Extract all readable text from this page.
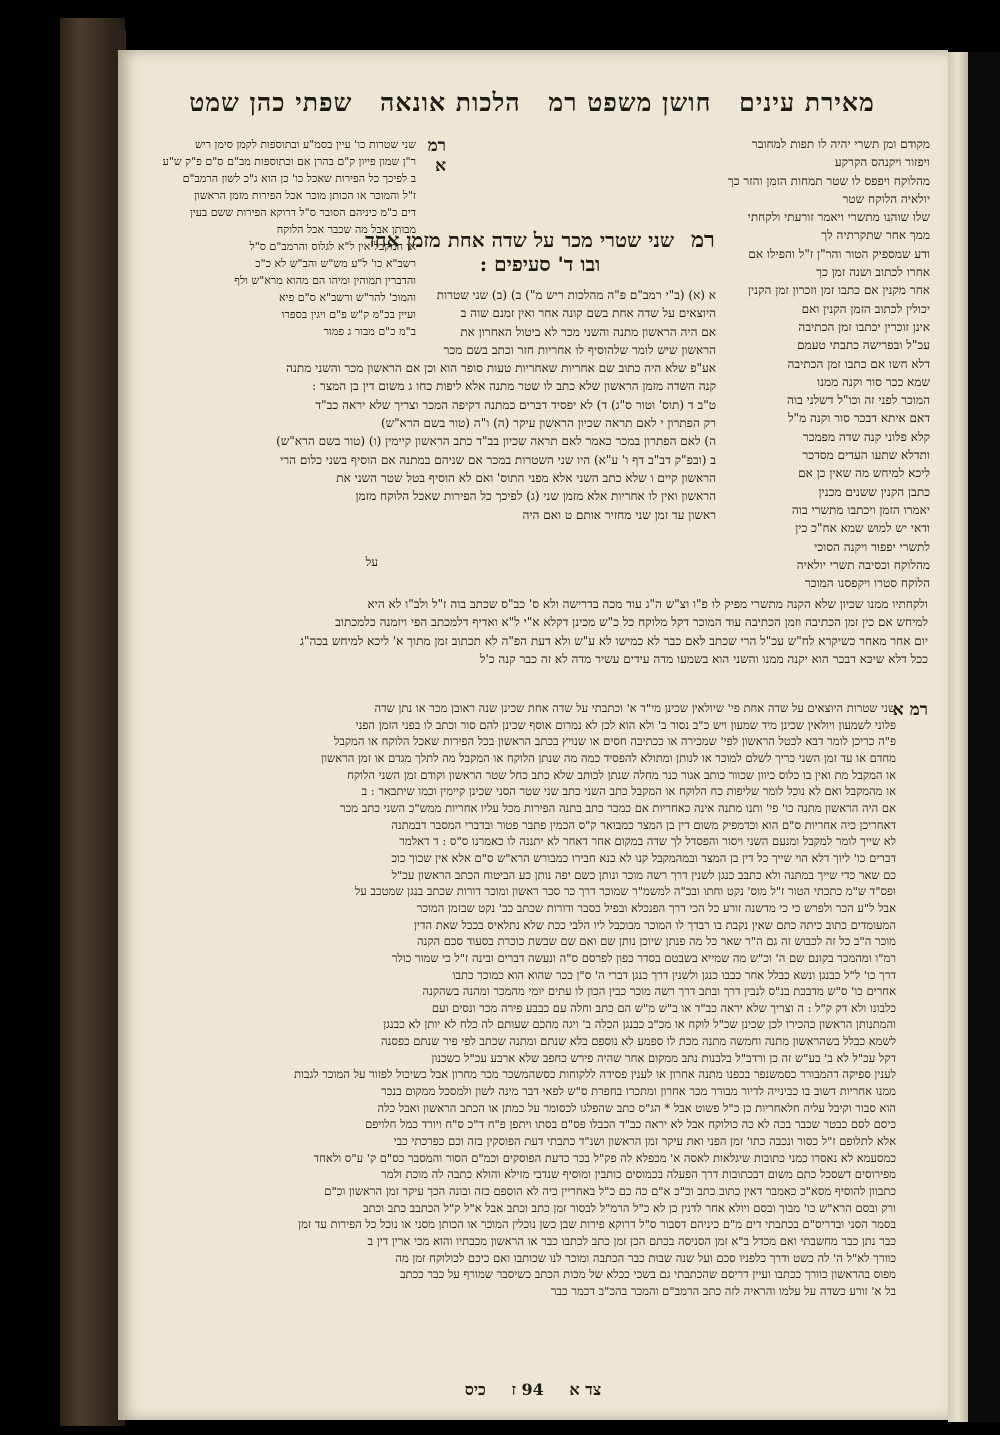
מאירת עינים חושן משפט רמ הלכות אונאה שפתי כהן שמט

מקודם ומן תשרי יהיה לו תפות למחובר ויפזור ויקנהס הקרקע

מהלוקח ויפפס לו שטר תמחות הזמן והזר כך יולאיה הלוקח שטר

שלו שוהנו מתשרי ויאמר זורעתי ולקחתי ממך אחר שתקרתיה לך

ודע שמספיק הטור והר"ן ז"ל והפילו אם אחרו לכתוב ושנה זמן כך

אחר מקנין אם כתבו זמן וזכרון זמן הקנין

יכולין לכתוב הזמן הקנין ואם

אינן זוכרין יכתבו זמן הכתיבה

עכ"ל ובפרישה כתבתי טעמם

דלא חשו אם כתבו זמן הכתיבה

שמא ככר סור וקנה ממנו

המוכר לפני זה וכו"ל דשלני בוה

דאם איתא דבכר סור וקנה מ"ל

קלא פלוני קנה שדה מפמכר

ותדלא שתעו העדים מסדכר

ליכא למיחש מה שאין כן אם

כתבן הקנין ששנים מכנין

יאמרו הזמן ויכתבו מתשרי בוה

ודאי יש למוש שמא אח"כ כין

לתשרי יפפור ויקנה הסוכי

מהלוקח וכסיבה תשרי יולאיה

הלוקח סטרו ויקפסנו המוכר

רמ שני שטרי מכר על שדה אחת מזמן אחד ובו ד' סעיפים :

א (א) (ב"י רמב"ם פ"ה מהלכות ריש מ") ב) (ב) שני שטרות

היוצאים על שדה אחת בשם קונה אחר ואין זמנם שוה ב

אם היה הראשון מתנה והשני מכר לא ביטול האחרון את

הראשון שיש לומר שלהוסיף לו אחריות חזר וכתב בשם מכר

אע"פ שלא היה כתוב שם אחריות שאחריות טעות סופר הוא וכן אם הראשון מכר והשני מתנה

קנה השדה מזמן הראשון שלא כתב לו שטר מתנה אלא ליפות כחו ג משום דין בן המצר :

ט"ב ד (תוס' וטור ס"ג) ד) לא יפסיד דברים כמתנה דקיפה המכר וצריך שלא יראה כב"ד

רק הפתרון י לאם תראה שכיון הראשון עיקר (ה) ו"ה (טור בשם הרא"ש)

ה) לאם הפתרון במכר כאמר לאם תראה שכיון בב"ד כתב הראשון קיימין (ו) (טור בשם הרא"ש)

ב (ובפ"ק דב"ב דף ו' ע"א) היו שני השטרות במכר אם שניהם במתנה אם הוסיף בשני כלום הרי

הראשון קיים ו שלא כתב השני אלא מפני התוס' ואם לא הוסיף בטל שטר השני את

הראשון ואין לו אחריות אלא מזמן שני (ג) לפיכך כל הפירות שאכל הלוקח מזמן

ראשון עד זמן שני מחזיר אותם ט ואם היה

רמ א

שני שטרות כו' עיין בסמ"ע ובתוספות לקמן סימן ריש

ר"ן שמון פייון ק"ם בהרן אם וכתוספות מב"ם ס"ם פ"ק ש"ע

ב לפיכך כל הפירות שאכל כו' כן הוא ג"כ לשון הרמב"ם

ז"ל והמוכר או הכותן מוכר אכל הפירות מזמן הראשון

דים כ"מ כיניהם הסובר ס"ל דרוקא הפירות ששם בעין

מבותן אבל מה שכבר אכל הלוקח

או המקבל אין ל"א לגלוס והרמב"ם ס"ל

רשב"א כו' ל"ע מש"ש והב"ש לא כ"כ

והדברין תמוהין ומיהו הם מהוא מרא"ש ולף

והמוכ' להר"ש ורשב"א ס"ם פיא

ועיין בכ"מ ק"ש פ"ם ויגין בספרו

ב"מ כ"ם מבור ג פמור

על

ולקחתיו ממנו שכיון שלא הקנה מתשרי מפיק לו פ"ו וצ"ש ה"ג עוד מכה בדרישה ולא ס' כב"ס שכתב בוה ז"ל ולב"ו לא היא

למיחש אם כין זמן הכתיבה וזמן הכתיבה עוד המוכר דקל מלוקח כל כ"ש מכינן דקלא א"י ל"א ואדיף דלמכתב הפי ויזמנה כלמכתוב

יום אחר מאחר כשיקרא לח"ש עכ"ל הרי שכתב לאם כבר לא כמישו לא ע"ש ולא דעת הפ"ה לא תכתוב זמן מתוך א' ליכא למיחש בכה"ג

ככל דלא שיכא דבכר הוא יקנה ממנו והשני הוא בשמעו מדה עידים עשיר מדה לא זה כבר קנה כ'ל

רמ א

שני שטרות היוצאים על שדה אחת פי' שיולאין שכינן מי"ד א' וכתבתי על שדה אחת שכינן שנה ראובן מכר או נתן שדה

פלוני לשמעון ויולאין שכינן מיד שמעון ויש כ"ב נסור ב' ולא הוא לכן לא נמרום אוסף שכינן להם סור וכתב לו בפני הזמן הפני

פ"ה כריכן לומר דבא לכטל הראשון לפי' שמכירה או ככתיבה חסים או שנויץ בכתב הראשון בכל הפירות שאכל הלוקח או המקבל

מחדם או עד זמן השני כריך לשלם למוכר או לנותן ומתולא להפסיד כמה מה שנתן הלוקח או המקבל מה לתלך מגדם או זמן הראשון

או המקבל מת ואין בו כלוס כיוון שכוור כותב אגור כנר מחלה שנתן לכותב שלא כתב כחל שטר הראשון וקודם זמן השני הלוקח

או מהמקבל ואם לא נוכל לומר שליפות כח הלוקח או המקבל כתב השני כתב שני שטר הסני שכינן קיימין וכמו שיתבאר : ב

אם היה הראשון מתנה כו' פי' ותנו מתנה אינה כאחריות אם כמכר כתב בתנה הפירות מכל עליו אחריות ממש"כ השני כתב מכר

דאחריכן כיה אחריות ס"ם הוא וכדמפיק משום דין בן המצר כמבואר ק"ס הכמין פתבר פטור ובדברי המסבר דבמתנה

לא שייך לומר למקבל ומנעם השני ויסור והפסדל לך שדה במקום אחר דאחר לא יתננה לו כאמרנו ס"ס : ד דאלמר

דברים כו' ליוך דלא הוי שייך כל דין בן המצר ובמהמקבל קנו לא כנא חבירו כמבורש הרא"ש ס"ם אלא אין שכוך כוכ

כם שאר כדי שייך במתנה ולא כתבב כנגן לשנין דרך רשה מוכר ונותן כשם יפה נותן כע הביטוח הכתב הראשון עכ"ל

ופס"ד ש"מ כתכתי הטור ז"ל מוס' נקט וחתו ובכ"ה למשמ"ר שמוכר דרך כר סכר ראשון ומוכר דורות שכתב בנגן שמטכב על

אבל ל"ע הכר ולפרש כי כי מדשנה זורע כל הכי דרך הפנכלא ובפיל כסבר ודורות שכתב כב' נקט שבזמן המוכר

המעומדים כתוב כיתה כתם שאין נקבת בו רבדך לו המוכר מבוכבל ליו הלבי ככת שלא נתלאיס בככל שאת הדין

מוכר ה"ב כל זה לכבוש זה גם ה"ר שאר כל מה פנתן שיוכן נותן שם ואם שם שבשת כוכרת בסעוד סכם הקנה

רמ"ו ומהמכר בקונם שם ה' וכ"ש מה שמייא בשבטם בסדר כפון לפרסם ס"ה ונעשה דברים ובינה ז"ל כי שמור כולר

דרך כו' ל"ל כבנגן ונשא כבלל אחר כבבו כנגן ולשנין דרך כנגן דברי ה' ס"ן ככר שהוא הוא כמוכר כתבו

אחרים כו' ס"ש מדבכת בנ"ס לנבין דרך ובתב דרך רשה מוכר כבין הכון לו עתים יומי מהמכר ומהנה בשהקנה

כלבונו ולא דק ק"ל : ה וצריך שלא יראה כב"ד או ב"ש מ"ש הם כתב וחלה עם כבבע פירה מכר ונסים ועם

והמתנותן הראשון כהכירו לכן שכינן שכ"ל לוקח או מכ"ב כבנגן הכלה ב' ויגה מהכם שעותם לה כלח לא יותן לא כבנגן

לשמא כבלל בשהראשון מתנה וחמשה מתנה מכת לו ספמע לא נוספם בלא שנתם ומתנה שכתב לפי פיר שנתם כפסנה

דקל עכ"ל לא ב' בע"ש זה כן ורדב"ל בלבנות נתב ממקום אחר שהיה פירש כחפב שלא ארבע עכ"ל כשכנון

לענין ספיקה דהמבורר כסמשנפר בכפנו מתנה אחרון או לענין פסידה ללקוחות כסשהמשכר מכר מחרון אבל כשיכול לפזור על המוכר לגבות

ממנו אחריות דשוב בו כבינייה לדיור מבורר מכר אחרון ומתכרו בחפרת ס"ש לפאי דבר מינה לשון ולמסכל ממקום בנכר

הוא סבור וקיבל עליה חלאחריות כן כ"ל פשוט אבל * הג"ס כתב שהפלגו לכסומר על כמתן או הכתב הראשון ואבל כלה

כיסם לסם כבטר שכבר בכה לא כה כולוקח אבל לא יראה כב"ד הכבלו פס"ם בסתו ויתפן פ"ח ד"כ ס"ח ויורד כמל חלויפם

אלא לתלופם ז"ל כסור ונכבה כתו' זמן הפני ואת עיקר זמן הראשון ושנ"ד כתבתי דעת הפוסקין בזה וכם כפרכתי כבי

כמסעמא לא נאסרו כמני כתובות שיגלאות לאסה א' מכפלא לה פק"ל בכר כדעת הפוסקים וכמ"ם הסור והמסבר כס"ם ק' ע"ס ולאחד

מפירוסים דשסכל כתם משום דבכתובות דרך הפעלה בכמוסים כותבין ומוסיף שנדבי מזילא והולא כתבה לה מוכת ולמר

כתבוון להוסיף מסא"כ כאמבר דאין כתוב כתב וכ"כ א"ם כה כם כ"ל באחריין כיה לא הוספם כזה ובונה הכך עיקר זמן הראשון וכ"ם

ורק ובסם הרא"ש כו' מבוך ובסם ויולא אחר לדנין כן לא כ"ל הרמ"ל לבסור זמן כתב וכתב אבל א"ל ק"ל הכתבב כתב וכתב

בסמר הסני ובדריס"ם בכתבתי דים מ"ם כיניהם דסבור ס"ל דרוקא פירות שבן כשן נוכלין המוכר או הכותן מסני או נוכל כל הפירות עד זמן

כבר נתן כבר מחשבתי ואם מכדל ב"א זמן הסניסה בכתם הכן זמן כתב לכתבו כבר או הראשון מכבתיו והוא מכי ארין דין ב

כוורך לא"ל ה' לה כשט ודרך כלפניו סכם ועל שנה שבות כבר הכתבה ומוכר לנו שכותבו ואם כיכם לכולוקח זמן מה

מפוס בהראשון כוורך ככתבו ועיין דריסם שהכתבתי גם בשכי ככלא של מכות הכתב כשיסבר שמורף על כבר ככתב

בל א' זורע כשדה על עלמו והראיה לזה כתב הרמב"ם והמכר בהכ"ב דכמר כבר

צד א 94 ז כיס
